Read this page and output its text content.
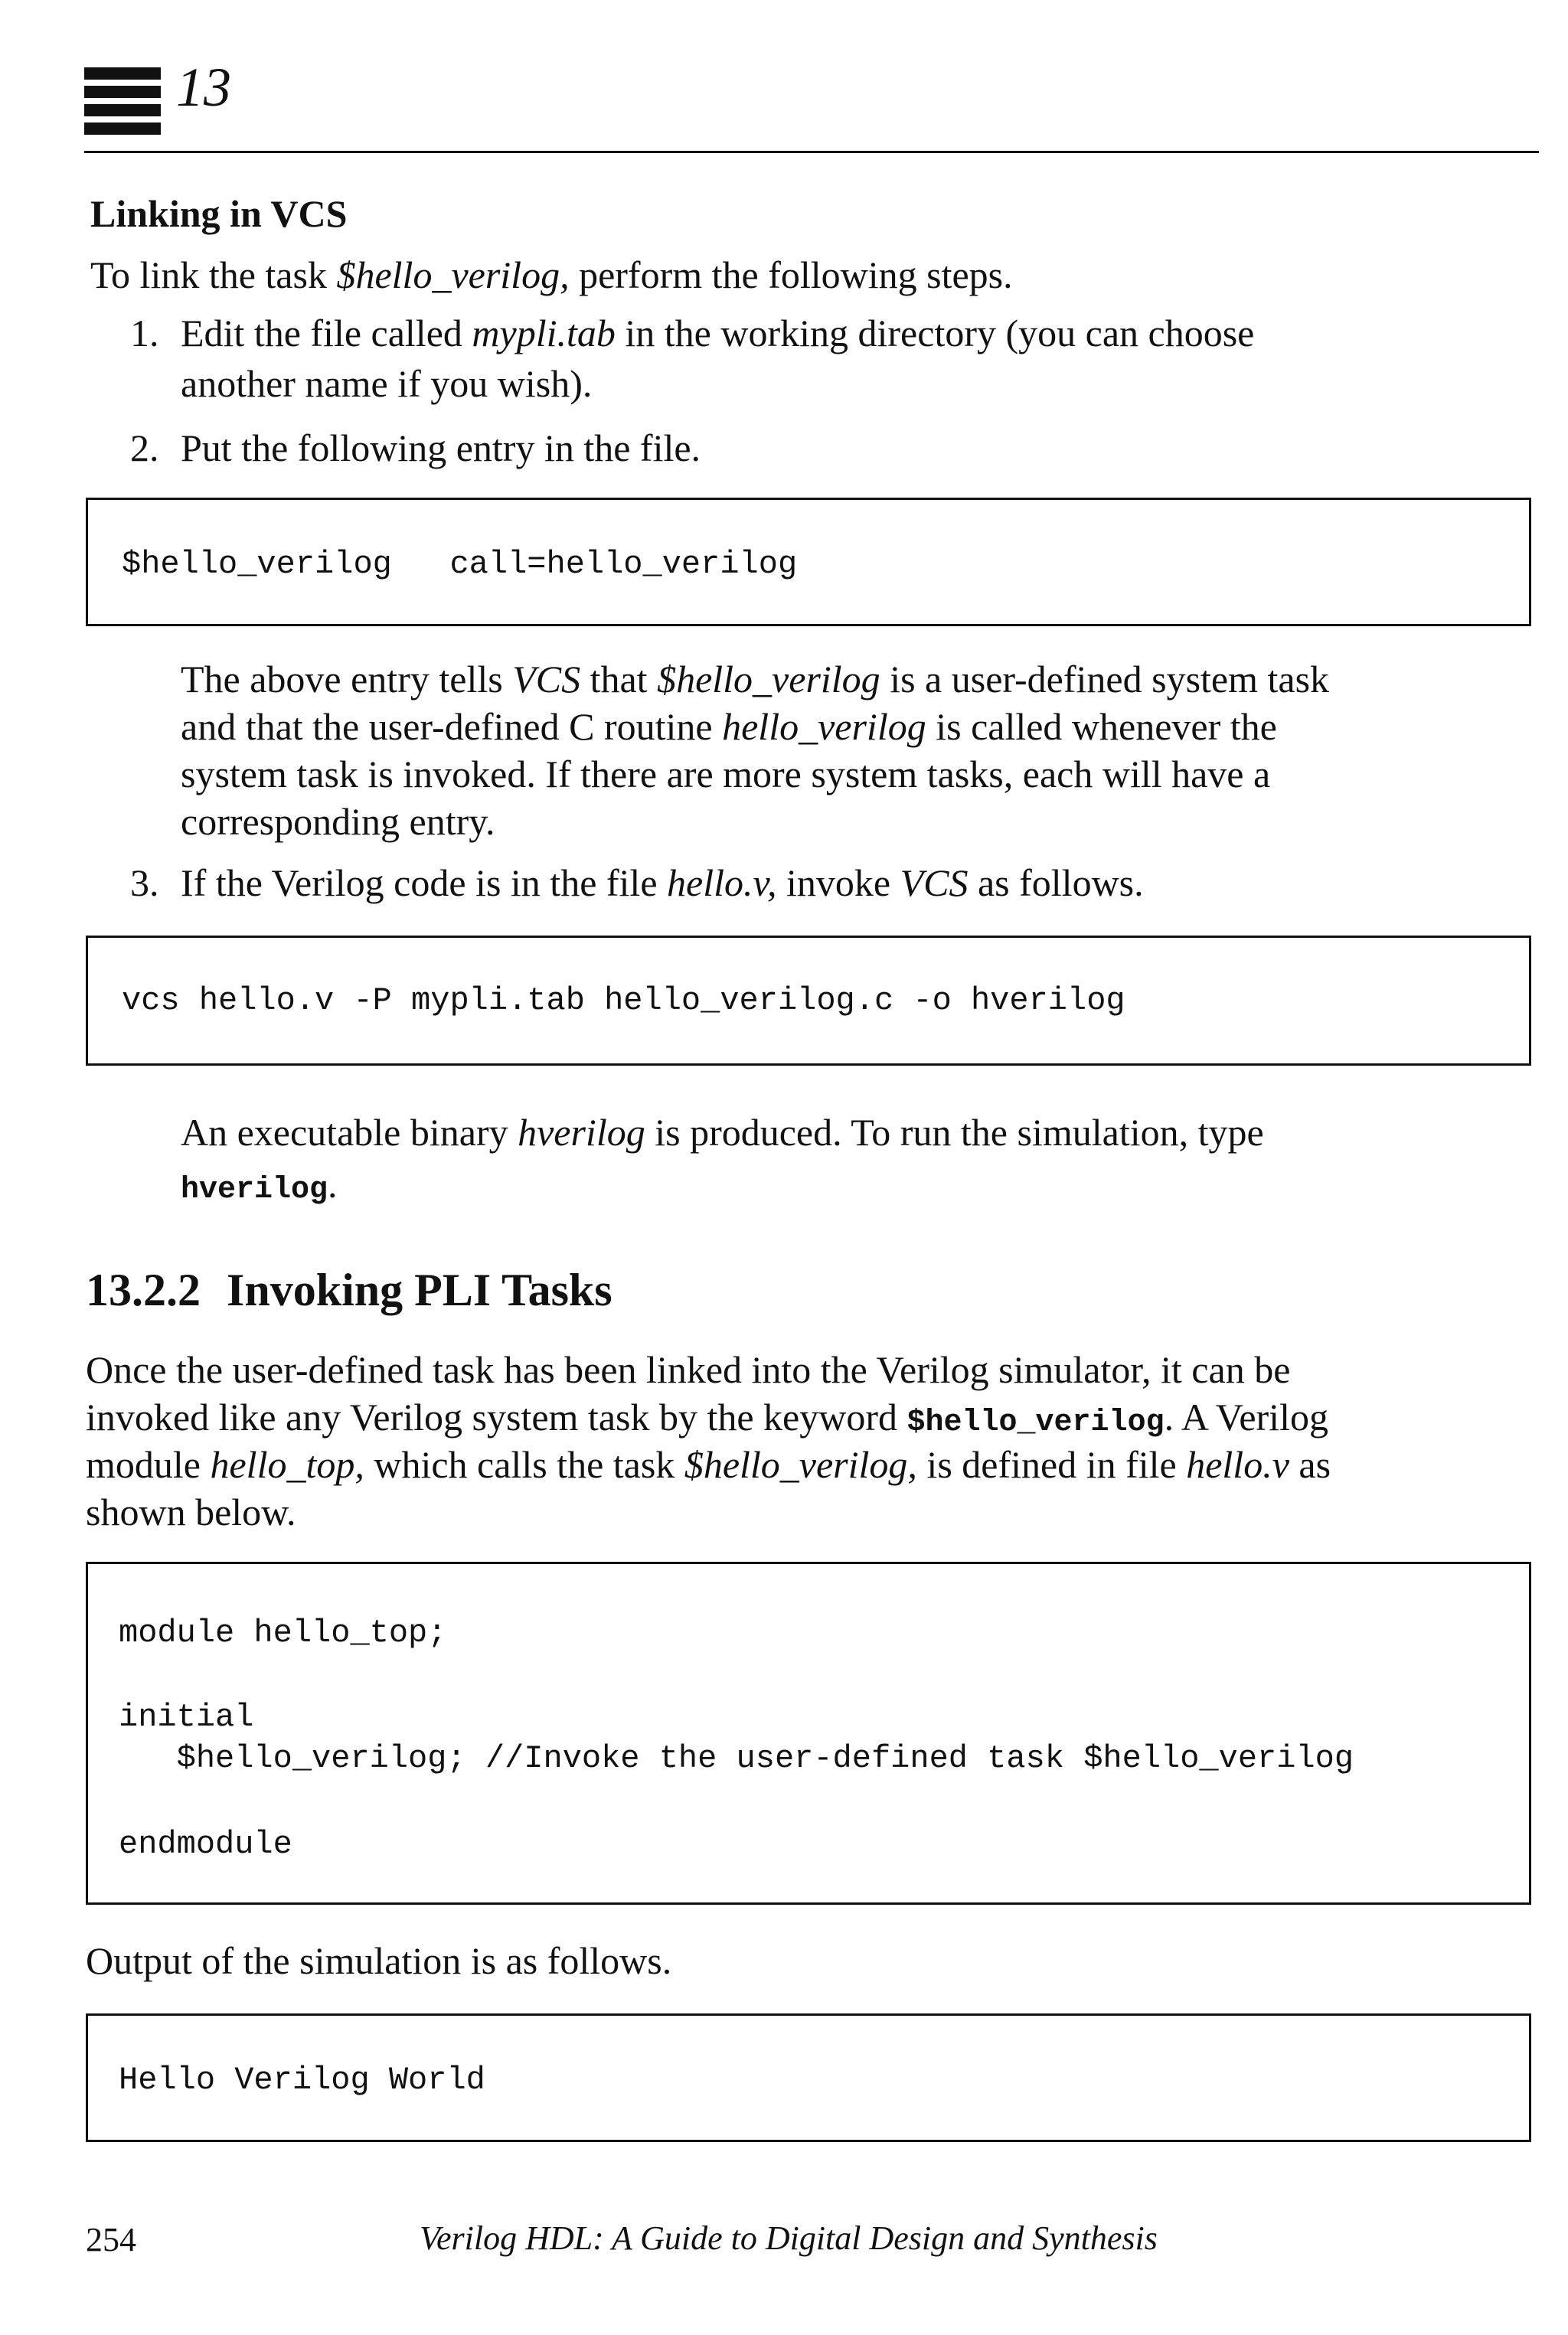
13
Linking in VCS
To link the task $hello_verilog, perform the following steps.
1. Edit the file called mypli.tab in the working directory (you can choose
another name if you wish).
2. Put the following entry in the file.
$hello_verilog   call=hello_verilog
The above entry tells VCS that $hello_verilog is a user-defined system task
and that the user-defined C routine hello_verilog is called whenever the
system task is invoked. If there are more system tasks, each will have a
corresponding entry.
3. If the Verilog code is in the file hello.v, invoke VCS as follows.
vcs hello.v -P mypli.tab hello_verilog.c -o hverilog
An executable binary hverilog is produced. To run the simulation, type
hverilog.
13.2.2 Invoking PLI Tasks
Once the user-defined task has been linked into the Verilog simulator, it can be
invoked like any Verilog system task by the keyword $hello_verilog. A Verilog
module hello_top, which calls the task $hello_verilog, is defined in file hello.v as
shown below.
module hello_top;
initial
$hello_verilog; //Invoke the user-defined task $hello_verilog
endmodule
Output of the simulation is as follows.
Hello Verilog World
254	Verilog HDL: A Guide to Digital Design and Synthesis
